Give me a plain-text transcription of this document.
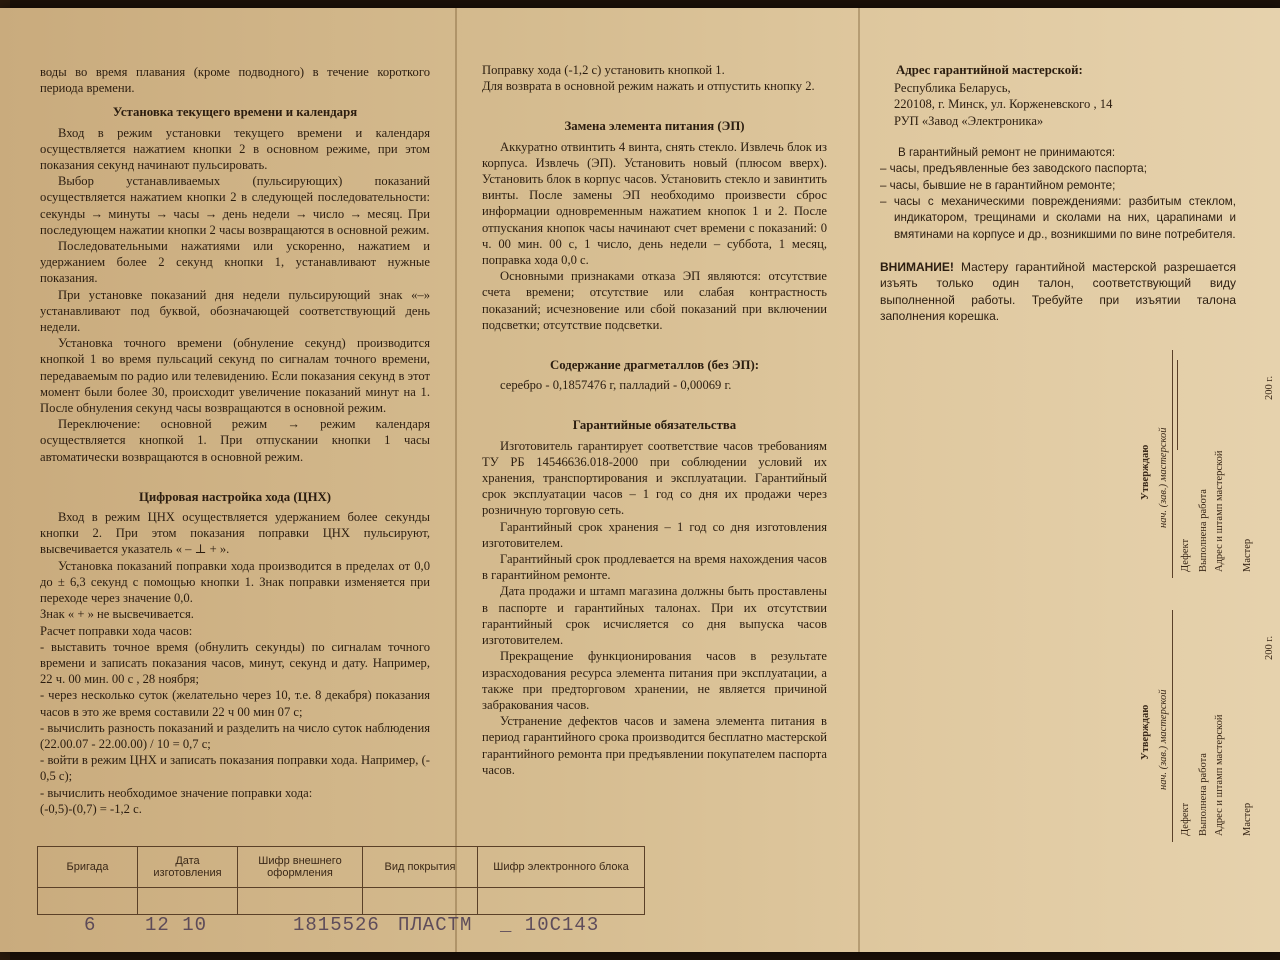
воды во время плавания (кроме подводного) в течение короткого периода времени.

Установка текущего времени и календаря

Вход в режим установки текущего времени и календаря осуществляется нажатием кнопки 2 в основном режиме, при этом показания секунд начинают пульсировать.

Выбор устанавливаемых (пульсирующих) показаний осуществляется нажатием кнопки 2 в следующей последовательности: секунды → минуты → часы → день недели → число → месяц. При последующем нажатии кнопки 2 часы возвращаются в основной режим.

Последовательными нажатиями или ускоренно, нажатием и удержанием более 2 секунд кнопки 1, устанавливают нужные показания.

При установке показаний дня недели пульсирующий знак «–» устанавливают под буквой, обозначающей соответствующий день недели.

Установка точного времени (обнуление секунд) производится кнопкой 1 во время пульсаций секунд по сигналам точного времени, передаваемым по радио или телевидению. Если показания секунд в этот момент были более 30, происходит увеличение показаний минут на 1. После обнуления секунд часы возвращаются в основной режим.

Переключение: основной режим → режим календаря осуществляется кнопкой 1. При отпускании кнопки 1 часы автоматически возвращаются в основной режим.

Цифровая настройка хода (ЦНХ)

Вход в режим ЦНХ осуществляется удержанием более секунды кнопки 2. При этом показания поправки ЦНХ пульсируют, высвечивается указатель « – ⊥ + ».

Установка показаний поправки хода производится в пределах от 0,0 до ± 6,3 секунд с помощью кнопки 1. Знак поправки изменяется при переходе через значение 0,0.

Знак « + » не высвечивается.

Расчет поправки хода часов:

- выставить точное время (обнулить секунды) по сигналам точного времени и записать показания часов, минут, секунд и дату. Например, 22 ч. 00 мин. 00 с , 28 ноября;

- через несколько суток (желательно через 10, т.е. 8 декабря) показания часов в это же время составили 22 ч 00 мин 07 с;

- вычислить разность показаний и разделить на число суток наблюдения (22.00.07 - 22.00.00) / 10 = 0,7 с;

- войти в режим ЦНХ и записать показания поправки хода. Например, (- 0,5 с);

- вычислить необходимое значение поправки хода:

(-0,5)-(0,7) = -1,2 с.

Поправку хода (-1,2 с) установить кнопкой 1.

Для возврата в основной режим нажать и отпустить кнопку 2.

Замена элемента питания (ЭП)

Аккуратно отвинтить 4 винта, снять стекло. Извлечь блок из корпуса. Извлечь (ЭП). Установить новый (плюсом вверх). Установить блок в корпус часов. Установить стекло и завинтить винты. После замены ЭП необходимо произвести сброс информации одновременным нажатием кнопок 1 и 2. После отпускания кнопок часы начинают счет времени с показаний: 0 ч. 00 мин. 00 с, 1 число, день недели – суббота, 1 месяц, поправка хода 0,0 с.

Основными признаками отказа ЭП являются: отсутствие счета времени; отсутствие или слабая контрастность показаний; исчезновение или сбой показаний при включении подсветки; отсутствие подсветки.

Содержание драгметаллов (без ЭП):

серебро - 0,1857476 г, палладий - 0,00069 г.

Гарантийные обязательства

Изготовитель гарантирует соответствие часов требованиям ТУ РБ 14546636.018-2000 при соблюдении условий их хранения, транспортирования и эксплуатации. Гарантийный срок эксплуатации часов – 1 год со дня их продажи через розничную торговую сеть.

Гарантийный срок хранения – 1 год со дня изготовления изготовителем.

Гарантийный срок продлевается на время нахождения часов в гарантийном ремонте.

Дата продажи и штамп магазина должны быть проставлены в паспорте и гарантийных талонах. При их отсутствии гарантийный срок исчисляется со дня выпуска часов изготовителем.

Прекращение функционирования часов в результате израсходования ресурса элемента питания при эксплуатации, а также при предторговом хранении, не является причиной забракования часов.

Устранение дефектов часов и замена элемента питания в период гарантийного срока производится бесплатно мастерской гарантийного ремонта при предъявлении покупателем паспорта часов.

Адрес гарантийной мастерской:
Республика Беларусь,
220108, г. Минск, ул. Корженевского , 14
РУП «Завод «Электроника»

В гарантийный ремонт не принимаются:

– часы, предъявленные без заводского паспорта;

– часы, бывшие не в гарантийном ремонте;

– часы с механическими повреждениями: разбитым стеклом, индикатором, трещинами и сколами на них, царапинами и вмятинами на корпусе и др., возникшими по вине потребителя.

ВНИМАНИЕ! Мастеру гарантийной мастерской разрешается изъять только один талон, соответствующий виду выполненной работы. Требуйте при изъятии талона заполнения корешка.

Утверждаю нач. (зав.) мастерской
Дефект Выполнена работа Адрес и штамп мастерской Мастер
200 г.
Утверждаю нач. (зав.) мастерской
Дефект Выполнена работа Адрес и штамп мастерской Мастер
200 г.
Бригада	Дата изготовления	Шифр внешнего оформления	Вид покрытия	Шифр электронного блока

6	12 10	1815526 ПЛАСТМ _ 10С143
